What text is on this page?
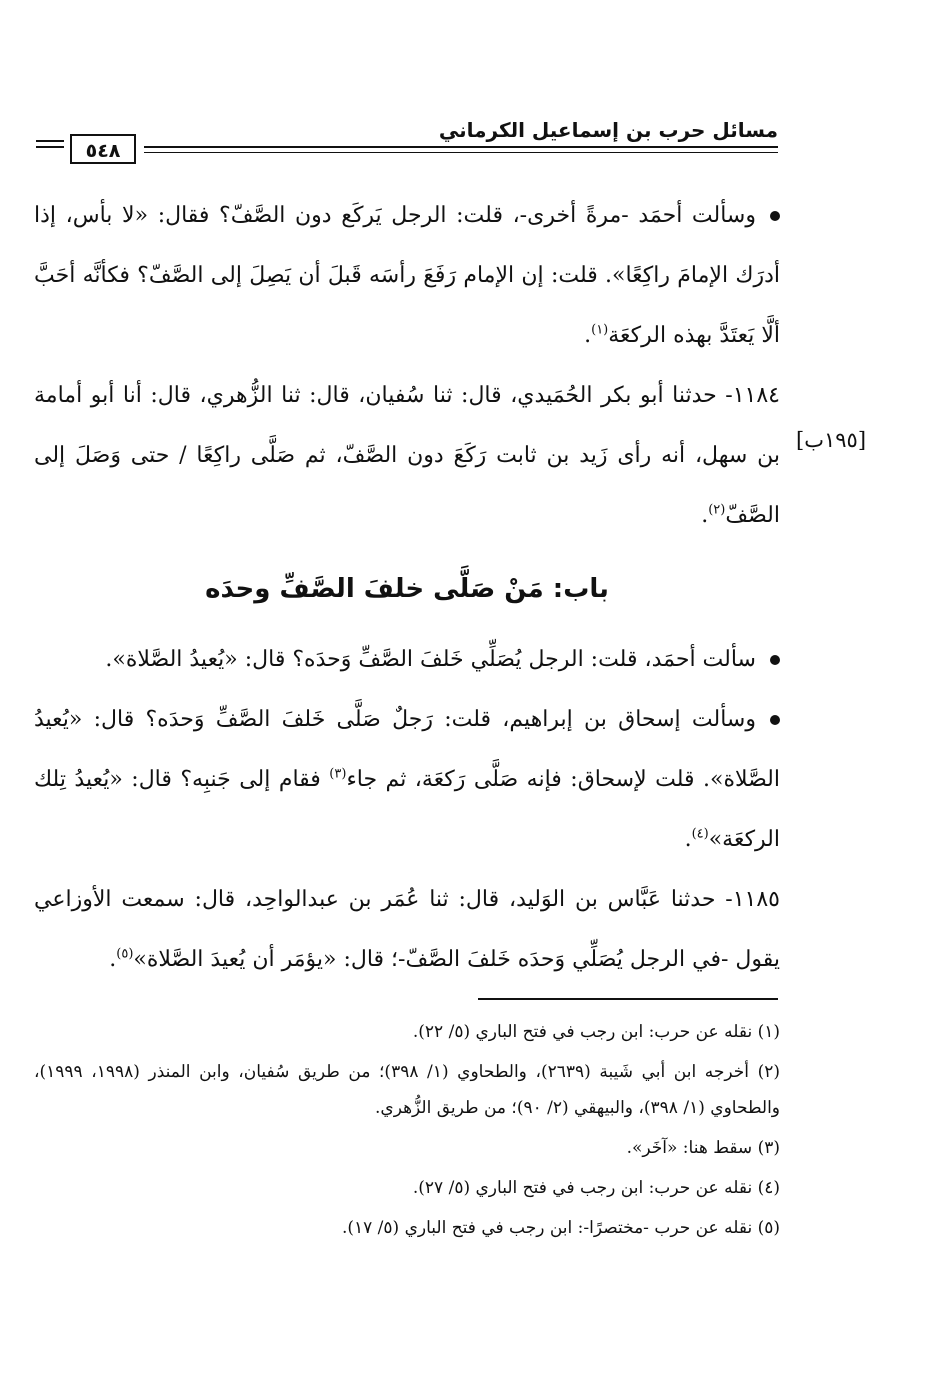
مسائل حرب بن إسماعيل الكرماني
٥٤٨
[١٩٥ب]

وسألت أحمَد -مرةً أخرى-، قلت: الرجل يَركَع دون الصَّفّ؟ فقال: «لا بأس، إذا أدرَك الإمامَ راكِعًا». قلت: إن الإمام رَفَعَ رأسَه قَبلَ أن يَصِلَ إلى الصَّفّ؟ فكأنَّه أحَبَّ ألَّا يَعتَدَّ بهذه الركعَة$^{(١)}$.

١١٨٤- حدثنا أبو بكر الحُمَيدي، قال: ثنا سُفيان، قال: ثنا الزُّهري، قال: أنا أبو أمامة بن سهل، أنه رأى زَيد بن ثابت رَكَعَ دون الصَّفّ، ثم صَلَّى راكِعًا / حتى وَصَلَ إلى الصَّفّ$^{(٢)}$.

باب: مَنْ صَلَّى خلفَ الصَّفِّ وحدَه

سألت أحمَد، قلت: الرجل يُصَلِّي خَلفَ الصَّفِّ وَحدَه؟ قال: «يُعيدُ الصَّلاة».

وسألت إسحاق بن إبراهيم، قلت: رَجلٌ صَلَّى خَلفَ الصَّفِّ وَحدَه؟ قال: «يُعيدُ الصَّلاة». قلت لإسحاق: فإنه صَلَّى رَكعَة، ثم جاء$^{(٣)}$ فقام إلى جَنبِه؟ قال: «يُعيدُ تِلك الركعَة»$^{(٤)}$.

١١٨٥- حدثنا عَبَّاس بن الوَليد، قال: ثنا عُمَر بن عبدالواحِد، قال: سمعت الأوزاعي يقول -في الرجل يُصَلِّي وَحدَه خَلفَ الصَّفّ-؛ قال: «يؤمَر أن يُعيدَ الصَّلاة»$^{(٥)}$.

(١) نقله عن حرب: ابن رجب في فتح الباري (٥/ ٢٢).

(٢) أخرجه ابن أبي شَيبة (٢٦٣٩)، والطحاوي (١/ ٣٩٨)؛ من طريق سُفيان، وابن المنذر (١٩٩٨، ١٩٩٩)، والطحاوي (١/ ٣٩٨)، والبيهقي (٢/ ٩٠)؛ من طريق الزُّهري.

(٣) سقط هنا: «آخَر».

(٤) نقله عن حرب: ابن رجب في فتح الباري (٥/ ٢٧).

(٥) نقله عن حرب -مختصرًا-: ابن رجب في فتح الباري (٥/ ١٧).
